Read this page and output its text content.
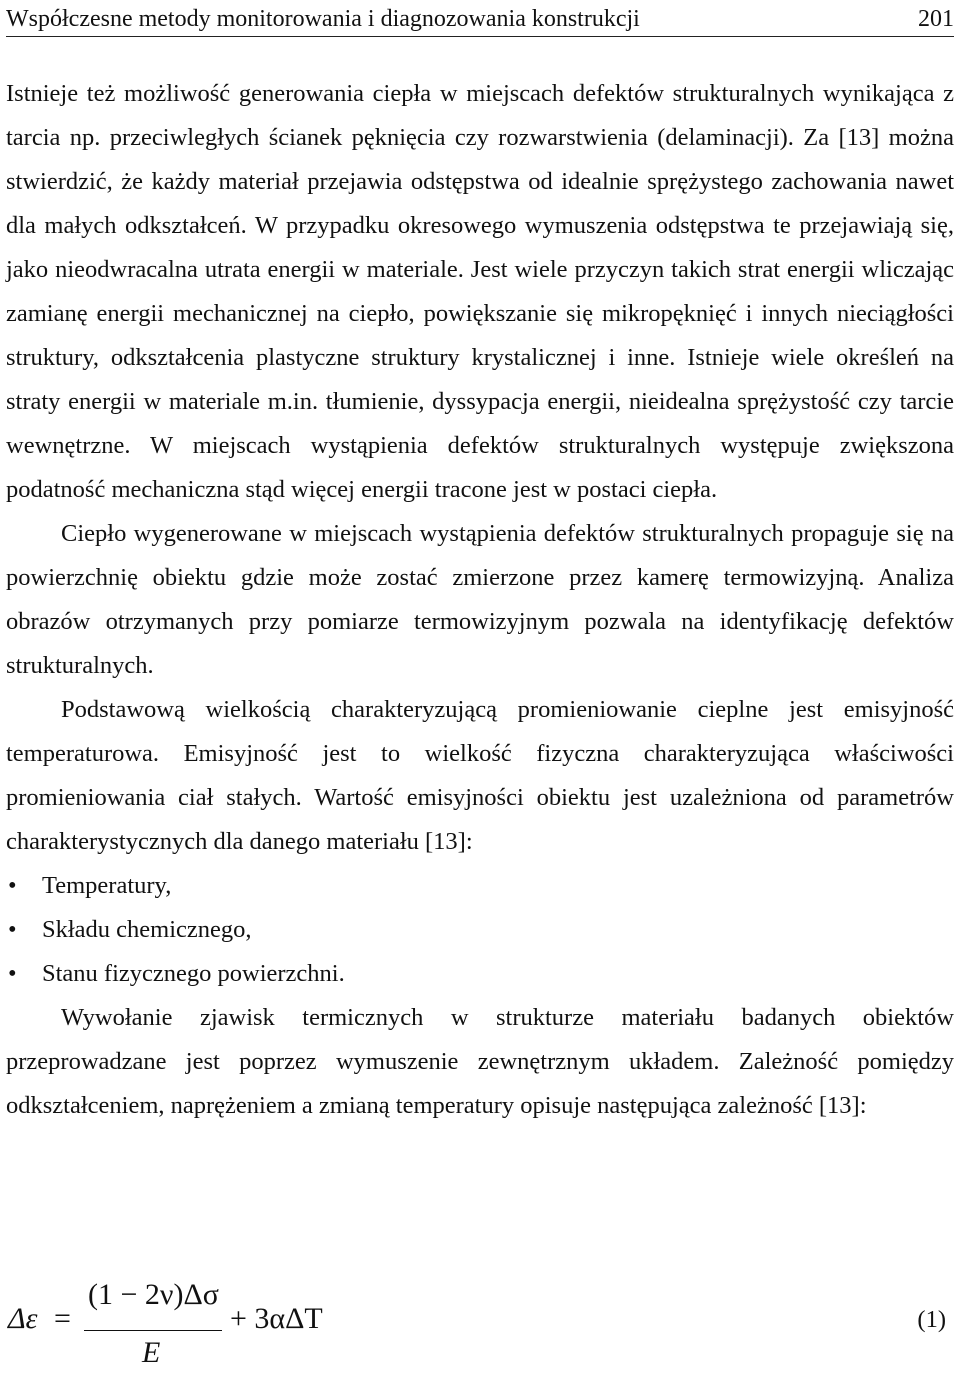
Współczesne metody monitorowania i diagnozowania konstrukcji	201

Istnieje też możliwość generowania ciepła w miejscach defektów strukturalnych wynikająca z tarcia np. przeciwległych ścianek pęknięcia czy rozwarstwienia (delaminacji). Za [13] można stwierdzić, że każdy materiał przejawia odstępstwa od idealnie sprężystego zachowania nawet dla małych odkształceń. W przypadku okresowego wymuszenia odstępstwa te przejawiają się, jako nieodwracalna utrata energii w materiale. Jest wiele przyczyn takich strat energii wliczając zamianę energii mechanicznej na ciepło, powiększanie się mikropęknięć i innych nieciągłości struktury, odkształcenia plastyczne struktury krystalicznej i inne. Istnieje wiele określeń na straty energii w materiale m.in. tłumienie, dyssypacja energii, nieidealna sprężystość czy tarcie wewnętrzne. W miejscach wystąpienia defektów strukturalnych występuje zwiększona podatność mechaniczna stąd więcej energii tracone jest w postaci ciepła.

Ciepło wygenerowane w miejscach wystąpienia defektów strukturalnych propaguje się na powierzchnię obiektu gdzie może zostać zmierzone przez kamerę termowizyjną. Analiza obrazów otrzymanych przy pomiarze termowizyjnym pozwala na identyfikację defektów strukturalnych.

Podstawową wielkością charakteryzującą promieniowanie cieplne jest emisyjność temperaturowa. Emisyjność jest to wielkość fizyczna charakteryzująca właściwości promieniowania ciał stałych. Wartość emisyjności obiektu jest uzależniona od parametrów charakterystycznych dla danego materiału [13]:

• Temperatury,
• Składu chemicznego,
• Stanu fizycznego powierzchni.

Wywołanie zjawisk termicznych w strukturze materiału badanych obiektów przeprowadzane jest poprzez wymuszenie zewnętrznym układem. Zależność pomiędzy odkształceniem, naprężeniem a zmianą temperatury opisuje następująca zależność [13]:

Δε =
(1 − 2ν)Δσ
E
+ 3αΔT	(1)
